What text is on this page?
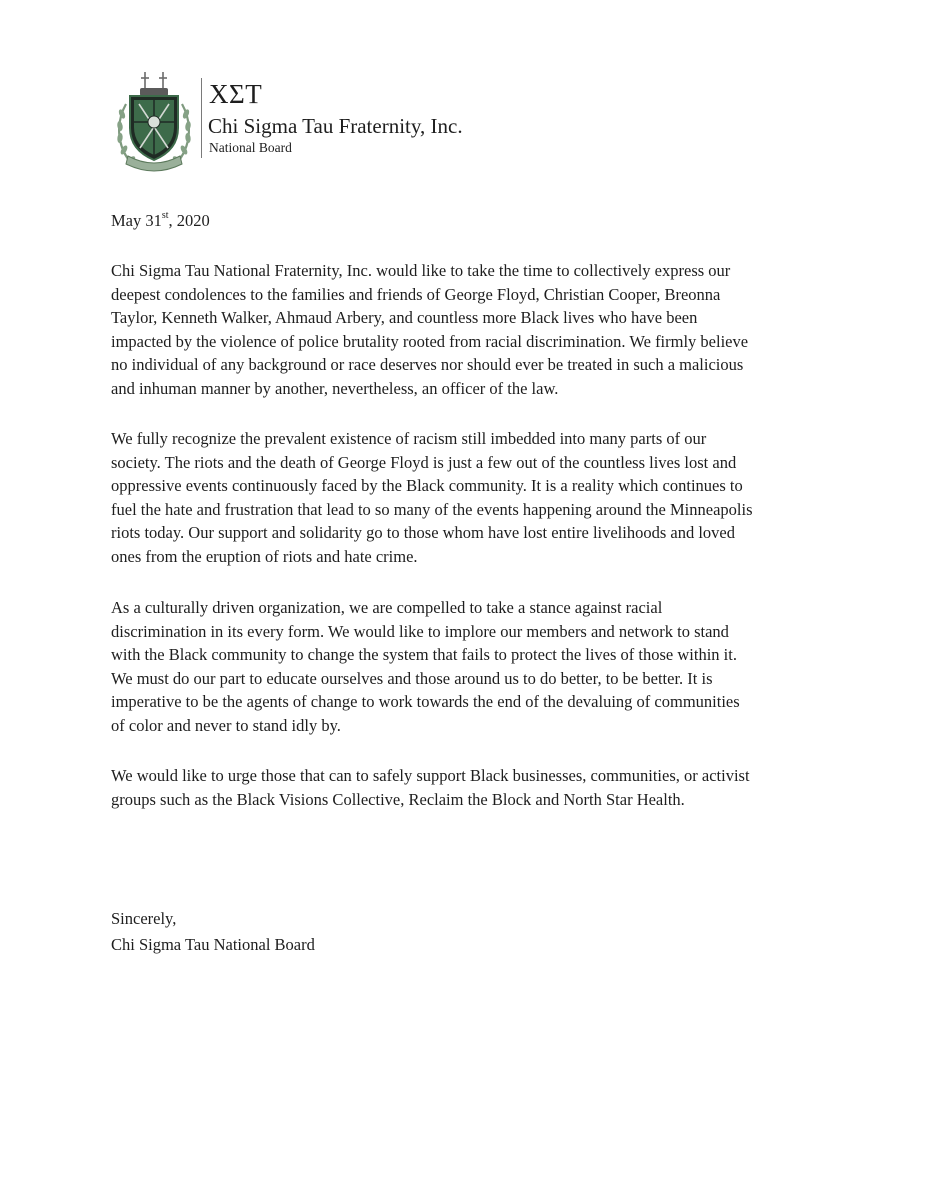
ΧΣΤ
Chi Sigma Tau Fraternity, Inc.
National Board
May 31st, 2020
Chi Sigma Tau National Fraternity, Inc. would like to take the time to collectively express our
deepest condolences to the families and friends of George Floyd, Christian Cooper, Breonna
Taylor, Kenneth Walker, Ahmaud Arbery, and countless more Black lives who have been
impacted by the violence of police brutality rooted from racial discrimination. We firmly believe
no individual of any background or race deserves nor should ever be treated in such a malicious
and inhuman manner by another, nevertheless, an officer of the law.
We fully recognize the prevalent existence of racism still imbedded into many parts of our
society. The riots and the death of George Floyd is just a few out of the countless lives lost and
oppressive events continuously faced by the Black community. It is a reality which continues to
fuel the hate and frustration that lead to so many of the events happening around the Minneapolis
riots today. Our support and solidarity go to those whom have lost entire livelihoods and loved
ones from the eruption of riots and hate crime.
As a culturally driven organization, we are compelled to take a stance against racial
discrimination in its every form. We would like to implore our members and network to stand
with the Black community to change the system that fails to protect the lives of those within it.
We must do our part to educate ourselves and those around us to do better, to be better. It is
imperative to be the agents of change to work towards the end of the devaluing of communities
of color and never to stand idly by.
We would like to urge those that can to safely support Black businesses, communities, or activist
groups such as the Black Visions Collective, Reclaim the Block and North Star Health.
Sincerely,
Chi Sigma Tau National Board
